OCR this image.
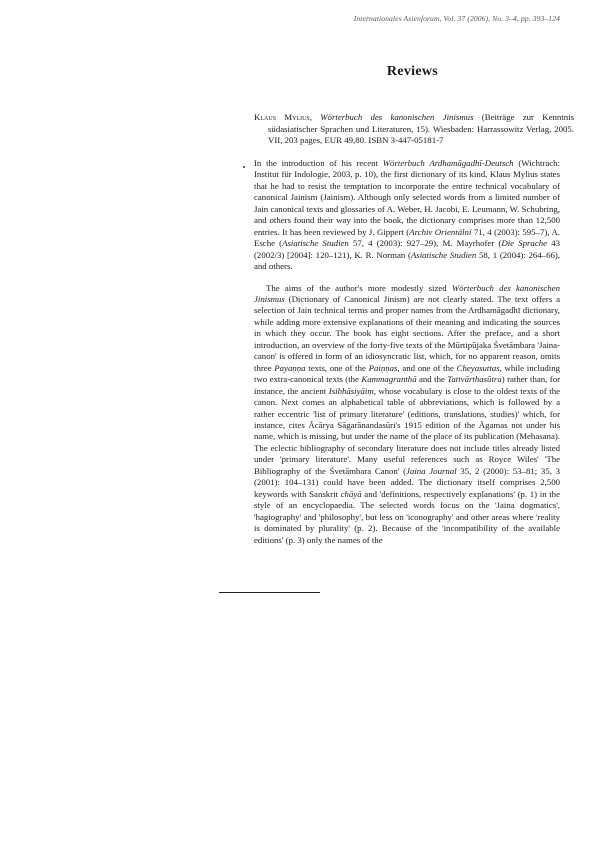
Internationales Asienforum, Vol. 37 (2006), No. 3–4, pp. 393–124
Reviews
Klaus Mylius, Wörterbuch des kanonischen Jinismus (Beiträge zur Kenntnis südasiatischer Sprachen und Literaturen, 15). Wiesbaden: Harrassowitz Verlag, 2005. VII, 203 pages, EUR 49,80. ISBN 3-447-05181-7

In the introduction of his recent Wörterbuch Ardhamāgadhī-Deutsch (Wichtrach: Institut für Indologie, 2003, p. 10), the first dictionary of its kind, Klaus Mylius states that he had to resist the temptation to incorporate the entire technical vocabulary of canonical Jainism (Jainism). Although only selected words from a limited number of Jain canonical texts and glossaries of A. Weber, H. Jacobi, E. Leumann, W. Schubring, and others found their way into the book, the dictionary comprises more than 12,500 entries. It has been reviewed by J. Gippert (Archiv Orientální 71, 4 (2003): 595–7), A. Esche (Asiatische Studien 57, 4 (2003): 927–29), M. Mayrhofer (Die Sprache 43 (2002/3) [2004]: 120–121), K. R. Norman (Asiatische Studien 58, 1 (2004): 264–66), and others.

The aims of the author's more modestly sized Wörterbuch des kanonischen Jinismus (Dictionary of Canonical Jinism) are not clearly stated. The text offers a selection of Jain technical terms and proper names from the Ardhamāgadhī dictionary, while adding more extensive explanations of their meaning and indicating the sources in which they occur. The book has eight sections. After the preface, and a short introduction, an overview of the forty-five texts of the Mūrtipūjaka Śvetāmbara 'Jaina-canon' is offered in form of an idiosyncratic list, which, for no apparent reason, omits three Payaṇṇa texts, one of the Paiṇṇas, and one of the Cheyasuttas, while including two extra-canonical texts (the Kammagranthā and the Tattvārthasūtra) rather than, for instance, the ancient Isibhāsiyāiṃ, whose vocabulary is close to the oldest texts of the canon. Next comes an alphabetical table of abbreviations, which is followed by a rather eccentric 'list of primary literature' (editions, translations, studies)' which, for instance, cites Ācārya Sāgarānandasūri's 1915 edition of the Āgamas not under his name, which is missing, but under the name of the place of its publication (Mehasana). The eclectic bibliography of secondary literature does not include titles already listed under 'primary literature'. Many useful references such as Royce Wiles' 'The Bibliography of the Śvetāmbara Canon' (Jaina Journal 35, 2 (2000): 53–81; 35, 3 (2001): 104–131) could have been added. The dictionary itself comprises 2,500 keywords with Sanskrit chāyā and 'definitions, respectively explanations' (p. 1) in the style of an encyclopaedia. The selected words focus on the 'Jaina dogmatics', 'hagiography' and 'philosophy', but less on 'iconography' and other areas where 'reality is dominated by plurality' (p. 2). Because of the 'incompatibility of the available editions' (p. 3) only the names of the
